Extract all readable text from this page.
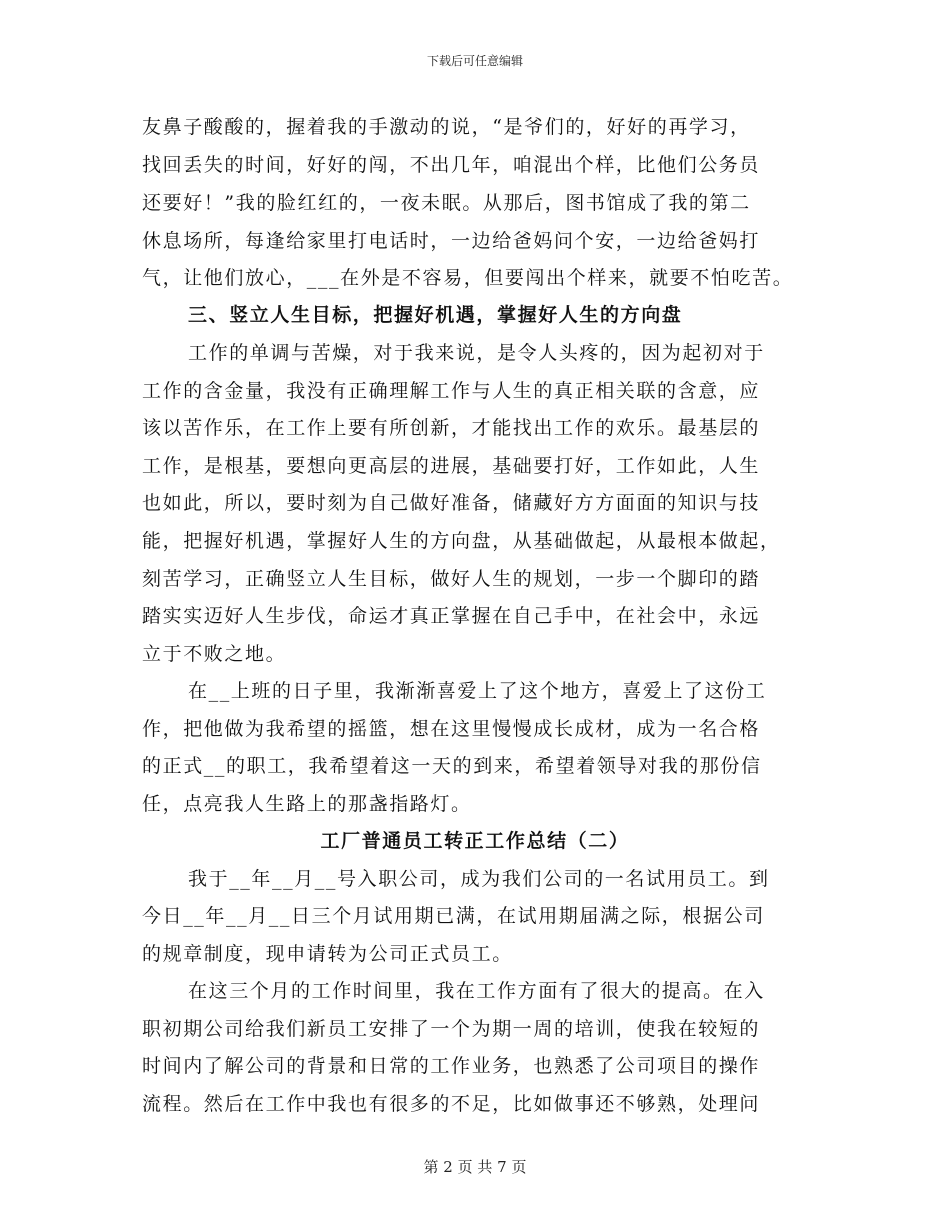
下载后可任意编辑
友鼻子酸酸的，握着我的手激动的说，“是爷们的，好好的再学习，
找回丢失的时间，好好的闯，不出几年，咱混出个样，比他们公务员
还要好！”我的脸红红的，一夜未眠。从那后，图书馆成了我的第二
休息场所，每逢给家里打电话时，一边给爸妈问个安，一边给爸妈打
气，让他们放心，___在外是不容易，但要闯出个样来，就要不怕吃苦。
三、竖立人生目标，把握好机遇，掌握好人生的方向盘
工作的单调与苦燥，对于我来说，是令人头疼的，因为起初对于
工作的含金量，我没有正确理解工作与人生的真正相关联的含意，应
该以苦作乐，在工作上要有所创新，才能找出工作的欢乐。最基层的
工作，是根基，要想向更高层的进展，基础要打好，工作如此，人生
也如此，所以，要时刻为自己做好准备，储藏好方方面面的知识与技
能，把握好机遇，掌握好人生的方向盘，从基础做起，从最根本做起，
刻苦学习，正确竖立人生目标，做好人生的规划，一步一个脚印的踏
踏实实迈好人生步伐，命运才真正掌握在自己手中，在社会中，永远
立于不败之地。
在__上班的日子里，我渐渐喜爱上了这个地方，喜爱上了这份工
作，把他做为我希望的摇篮，想在这里慢慢成长成材，成为一名合格
的正式__的职工，我希望着这一天的到来，希望着领导对我的那份信
任，点亮我人生路上的那盏指路灯。
工厂普通员工转正工作总结（二）
我于__年__月__号入职公司，成为我们公司的一名试用员工。到
今日__年__月__日三个月试用期已满，在试用期届满之际，根据公司
的规章制度，现申请转为公司正式员工。
在这三个月的工作时间里，我在工作方面有了很大的提高。在入
职初期公司给我们新员工安排了一个为期一周的培训，使我在较短的
时间内了解公司的背景和日常的工作业务，也熟悉了公司项目的操作
流程。然后在工作中我也有很多的不足，比如做事还不够熟，处理问
第 2 页 共 7 页
